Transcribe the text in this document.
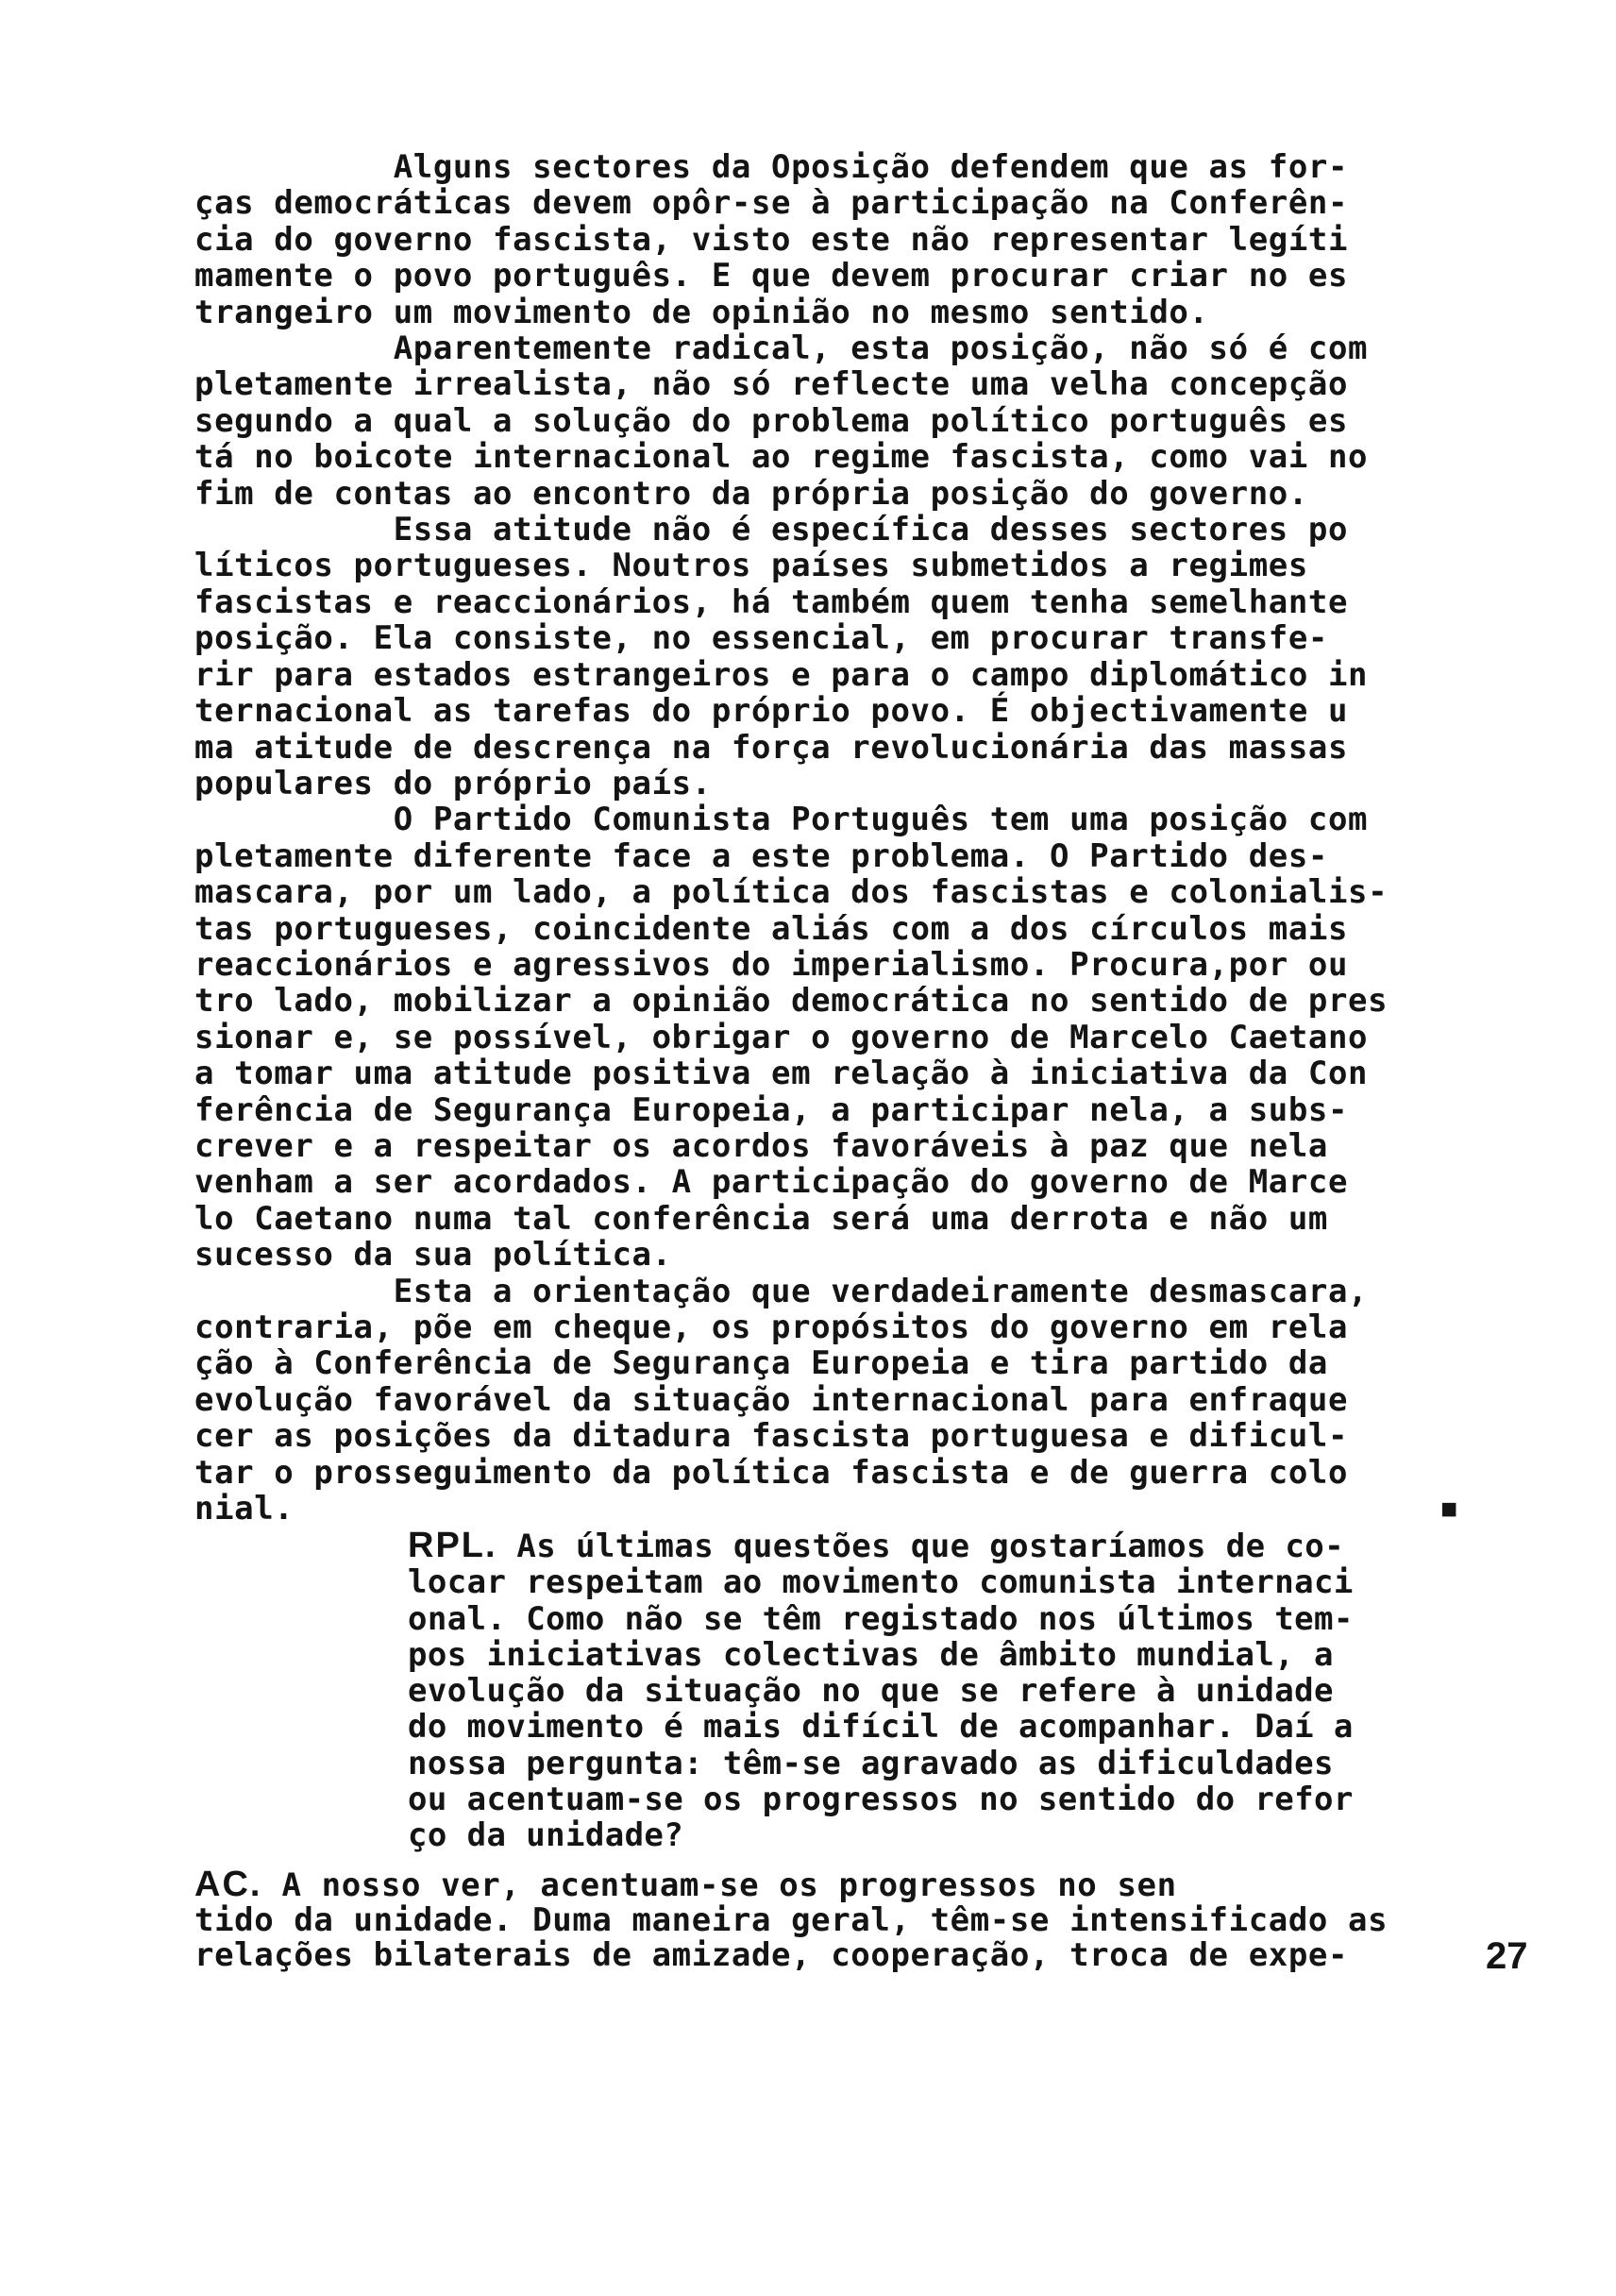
Alguns sectores da Oposição defendem que as for-
ças democráticas devem opôr-se à participação na Conferên-
cia do governo fascista, visto este não representar legíti
mamente o povo português. E que devem procurar criar no es
trangeiro um movimento de opinião no mesmo sentido.
Aparentemente radical, esta posição, não só é com
pletamente irrealista, não só reflecte uma velha concepção
segundo a qual a solução do problema político português es
tá no boicote internacional ao regime fascista, como vai no
fim de contas ao encontro da própria posição do governo.
Essa atitude não é específica desses sectores po
líticos portugueses. Noutros países submetidos a regimes
fascistas e reaccionários, há também quem tenha semelhante
posição. Ela consiste, no essencial, em procurar transfe-
rir para estados estrangeiros e para o campo diplomático in
ternacional as tarefas do próprio povo. É objectivamente u
ma atitude de descrença na força revolucionária das massas
populares do próprio país.
O Partido Comunista Português tem uma posição com
pletamente diferente face a este problema. O Partido des-
mascara, por um lado, a política dos fascistas e colonialis-
tas portugueses, coincidente aliás com a dos círculos mais
reaccionários e agressivos do imperialismo. Procura,por ou
tro lado, mobilizar a opinião democrática no sentido de pres
sionar e, se possível, obrigar o governo de Marcelo Caetano
a tomar uma atitude positiva em relação à iniciativa da Con
ferência de Segurança Europeia, a participar nela, a subs-
crever e a respeitar os acordos favoráveis à paz que nela
venham a ser acordados. A participação do governo de Marce
lo Caetano numa tal conferência será uma derrota e não um
sucesso da sua política.
Esta a orientação que verdadeiramente desmascara,
contraria, põe em cheque, os propósitos do governo em rela
ção à Conferência de Segurança Europeia e tira partido da
evolução favorável da situação internacional para enfraque
cer as posições da ditadura fascista portuguesa e dificul-
tar o prosseguimento da política fascista e de guerra colo
nial.	■
RPL. As últimas questões que gostaríamos de co-
locar respeitam ao movimento comunista internaci
onal. Como não se têm registado nos últimos tem-
pos iniciativas colectivas de âmbito mundial, a
evolução da situação no que se refere à unidade
do movimento é mais difícil de acompanhar. Daí a
nossa pergunta: têm-se agravado as dificuldades
ou acentuam-se os progressos no sentido do refor
ço da unidade?
AC. A nosso ver, acentuam-se os progressos no sen
tido da unidade. Duma maneira geral, têm-se intensificado as
relações bilaterais de amizade, cooperação, troca de expe-	27
